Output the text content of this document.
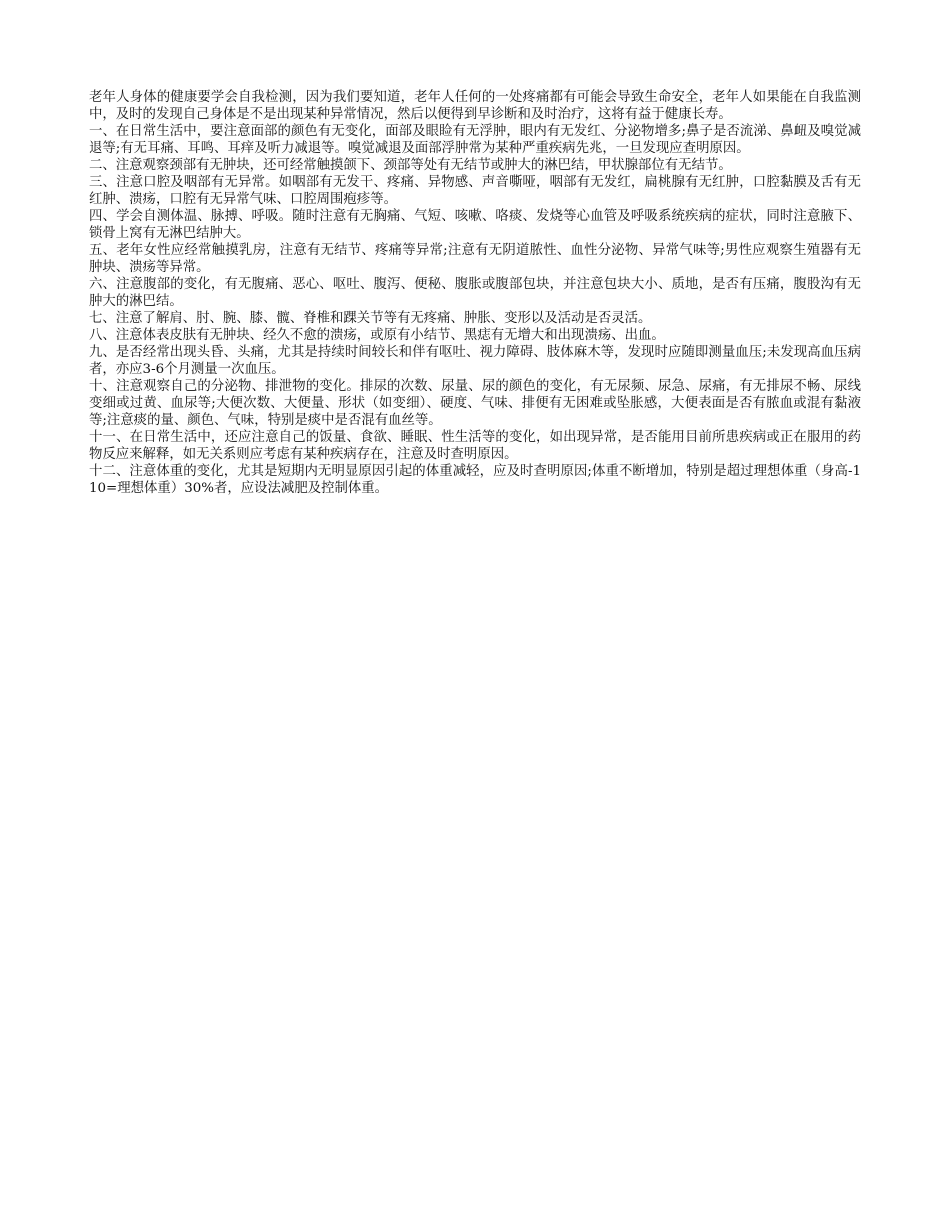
老年人身体的健康要学会自我检测，因为我们要知道，老年人任何的一处疼痛都有可能会导致生命安全，老年人如果能在自我监测中，及时的发现自己身体是不是出现某种异常情况，然后以便得到早诊断和及时治疗，这将有益于健康长寿。

一、在日常生活中，要注意面部的颜色有无变化，面部及眼睑有无浮肿，眼内有无发红、分泌物增多;鼻子是否流涕、鼻衄及嗅觉减退等;有无耳痛、耳鸣、耳痒及听力减退等。嗅觉减退及面部浮肿常为某种严重疾病先兆，一旦发现应查明原因。

二、注意观察颈部有无肿块，还可经常触摸颌下、颈部等处有无结节或肿大的淋巴结，甲状腺部位有无结节。

三、注意口腔及咽部有无异常。如咽部有无发干、疼痛、异物感、声音嘶哑，咽部有无发红，扁桃腺有无红肿，口腔黏膜及舌有无红肿、溃疡，口腔有无异常气味、口腔周围疱疹等。

四、学会自测体温、脉搏、呼吸。随时注意有无胸痛、气短、咳嗽、咯痰、发烧等心血管及呼吸系统疾病的症状，同时注意腋下、锁骨上窝有无淋巴结肿大。

五、老年女性应经常触摸乳房，注意有无结节、疼痛等异常;注意有无阴道脓性、血性分泌物、异常气味等;男性应观察生殖器有无肿块、溃疡等异常。

六、注意腹部的变化，有无腹痛、恶心、呕吐、腹泻、便秘、腹胀或腹部包块，并注意包块大小、质地，是否有压痛，腹股沟有无肿大的淋巴结。

七、注意了解肩、肘、腕、膝、髋、脊椎和踝关节等有无疼痛、肿胀、变形以及活动是否灵活。

八、注意体表皮肤有无肿块、经久不愈的溃疡，或原有小结节、黑痣有无增大和出现溃疡、出血。

九、是否经常出现头昏、头痛，尤其是持续时间较长和伴有呕吐、视力障碍、肢体麻木等，发现时应随即测量血压;未发现高血压病者，亦应3-6个月测量一次血压。

十、注意观察自己的分泌物、排泄物的变化。排尿的次数、尿量、尿的颜色的变化，有无尿频、尿急、尿痛，有无排尿不畅、尿线变细或过黄、血尿等;大便次数、大便量、形状（如变细）、硬度、气味、排便有无困难或坠胀感，大便表面是否有脓血或混有黏液等;注意痰的量、颜色、气味，特别是痰中是否混有血丝等。

十一、在日常生活中，还应注意自己的饭量、食欲、睡眠、性生活等的变化，如出现异常，是否能用目前所患疾病或正在服用的药物反应来解释，如无关系则应考虑有某种疾病存在，注意及时查明原因。

十二、注意体重的变化，尤其是短期内无明显原因引起的体重减轻，应及时查明原因;体重不断增加，特别是超过理想体重（身高-110=理想体重）30%者，应设法减肥及控制体重。
